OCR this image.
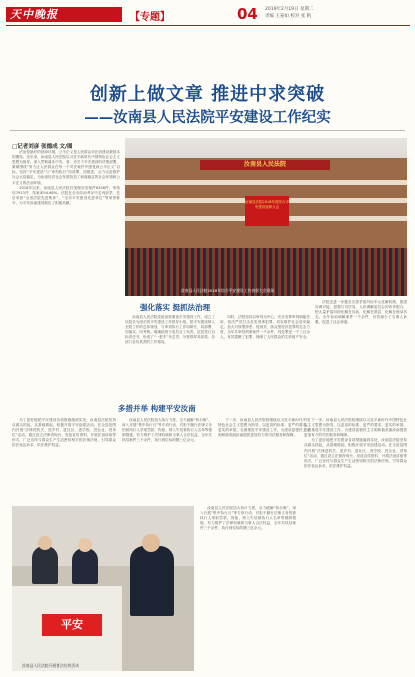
天中晚报	【专题】	04 2019年2月19日 星期二
责编 王豪如 校对 张 帆
创新上做文章 推进中求突破
——汝南县人民法院平安建设工作纪实
□记者刘彦 张德成 文/图

法治是最好的营商环境，公平正义是人民群众对法治建设最基本的期待。近年来，汝南县人民法院以习近平新时代中国特色社会主义思想为指导，深入贯彻落实中央、省、市关于平安建设的决策部署，紧紧围绕“努力让人民群众在每一个司法案件中感受到公平正义”目标，坚持“平安建设”与“审判执行”同部署、同推进，全力以赴维护社会大局稳定，为汝南经济社会发展营造了和谐稳定的社会环境和公平正义的法治环境。

2018年以来，汝南县人民法院共受理各类案件8358件，审执结7913件，结案率94.68%。法院在全市综治考评中名列前茅，先后荣获“全省法院先进集体”、“全市平安建设先进单位”等荣誉称号，为平安汝南建设做出了积极贡献。

汝南县人民法院
汝南县法院2018年度综合平安建设表彰大会
汝南县人民法院2018年综合平安建设工作表彰大会现场
强化落实 挺抓法治理

汝南县人民法院党组高度重视平安建设工作，成立了以院长为组长的平安建设工作领导小组，把平安建设纳入全院工作的总体规划，与审判执行工作同研究、同部署、同落实、同考核。明确院班子成员分工负责，层层签订目标责任书，形成了“一把手”负总责、分管领导具体抓、各部门各负其责的工作格局。

同时，法院坚持以审判为中心，充分发挥审判职能作用，依法严厉打击各类刑事犯罪，切实维护社会治安稳定。加大对涉黑涉恶、侵财类、涉众型经济犯罪的打击力度，全年共审结刑事案件一千余件，判处罪犯一千三百余人，有效震慑了犯罪，保障了人民群众的生命财产安全。

法院还进一步健全完善矛盾纠纷多元化解机制，推进诉调对接，加强与司法局、人民调解委员会的协作配合，把大量矛盾纠纷化解在诉前，化解在基层，化解在萌芽状态。全年诉前调解案件一千余件，有效减少了当事人诉累，促进了社会和谐。

多措并举 构建平安汝南

为了更好地把平安建设各项措施落到实处，汝南县法院坚持从源头抓起，从基础做起，积极开展平安创建活动。在全县范围内开展“法律进机关、进乡村、进社区、进学校、进企业、进单位”活动，通过设立法律咨询台、发放宣传资料、开展法治讲座等形式，广泛宣传与群众生产生活密切相关的法律法规，引导群众依法表达诉求、依法维护权益。

平安
汝南县人民法院开展普法宣传活动

汝南县人民法院加大执行力度，全力破解“执行难”。深入开展“集中执行月”等专项行动，对拒不履行法律义务的被执行人采取罚款、拘留、纳入失信被执行人名单等强制措施，有力维护了法律权威和当事人合法权益，全年共执结案件三千余件，执行到位标的额三亿余元。

汝南县人民法院加大执行力度，全力破解“执行难”。深入开展“集中执行月”等专项行动，对拒不履行法律义务的被执行人采取罚款、拘留、纳入失信被执行人名单等强制措施，有力维护了法律权威和当事人合法权益，全年共执结案件三千余件，执行到位标的额三亿余元。

下一步，汝南县人民法院将继续以习近平新时代中国特色社会主义思想为指导，以更高的标准、更严的要求、更实的举措，全面推进平安建设工作，为建设富强民主文明和谐美丽汝南提供更加有力的司法服务和保障。

下一步，汝南县人民法院将继续以习近平新时代中国特色社会主义思想为指导，以更高的标准、更严的要求、更实的举措，全面推进平安建设工作，为建设富强民主文明和谐美丽汝南提供更加有力的司法服务和保障。

为了更好地把平安建设各项措施落到实处，汝南县法院坚持从源头抓起，从基础做起，积极开展平安创建活动。在全县范围内开展“法律进机关、进乡村、进社区、进学校、进企业、进单位”活动，通过设立法律咨询台、发放宣传资料、开展法治讲座等形式，广泛宣传与群众生产生活密切相关的法律法规，引导群众依法表达诉求、依法维护权益。
